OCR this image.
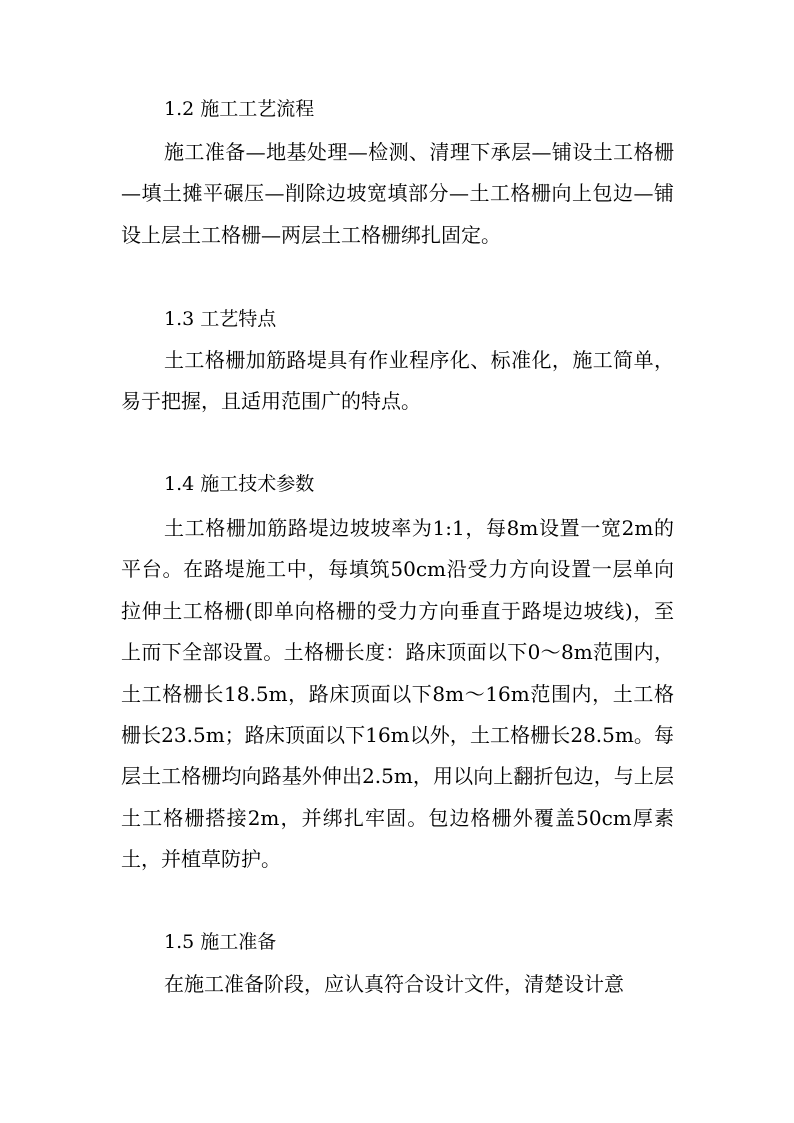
1.2 施工工艺流程

施工准备—地基处理—检测、清理下承层—铺设土工格栅—填土摊平碾压—削除边坡宽填部分—土工格栅向上包边—铺设上层土工格栅—两层土工格栅绑扎固定。

1.3 工艺特点

土工格栅加筋路堤具有作业程序化、标准化，施工简单，易于把握，且适用范围广的特点。

1.4 施工技术参数

土工格栅加筋路堤边坡坡率为1:1，每8m设置一宽2m的平台。在路堤施工中，每填筑50cm沿受力方向设置一层单向拉伸土工格栅(即单向格栅的受力方向垂直于路堤边坡线)，至上而下全部设置。土格栅长度：路床顶面以下0～8m范围内，土工格栅长18.5m，路床顶面以下8m～16m范围内，土工格栅长23.5m；路床顶面以下16m以外，土工格栅长28.5m。每层土工格栅均向路基外伸出2.5m，用以向上翻折包边，与上层土工格栅搭接2m，并绑扎牢固。包边格栅外覆盖50cm厚素土，并植草防护。

1.5 施工准备

在施工准备阶段，应认真符合设计文件，清楚设计意
